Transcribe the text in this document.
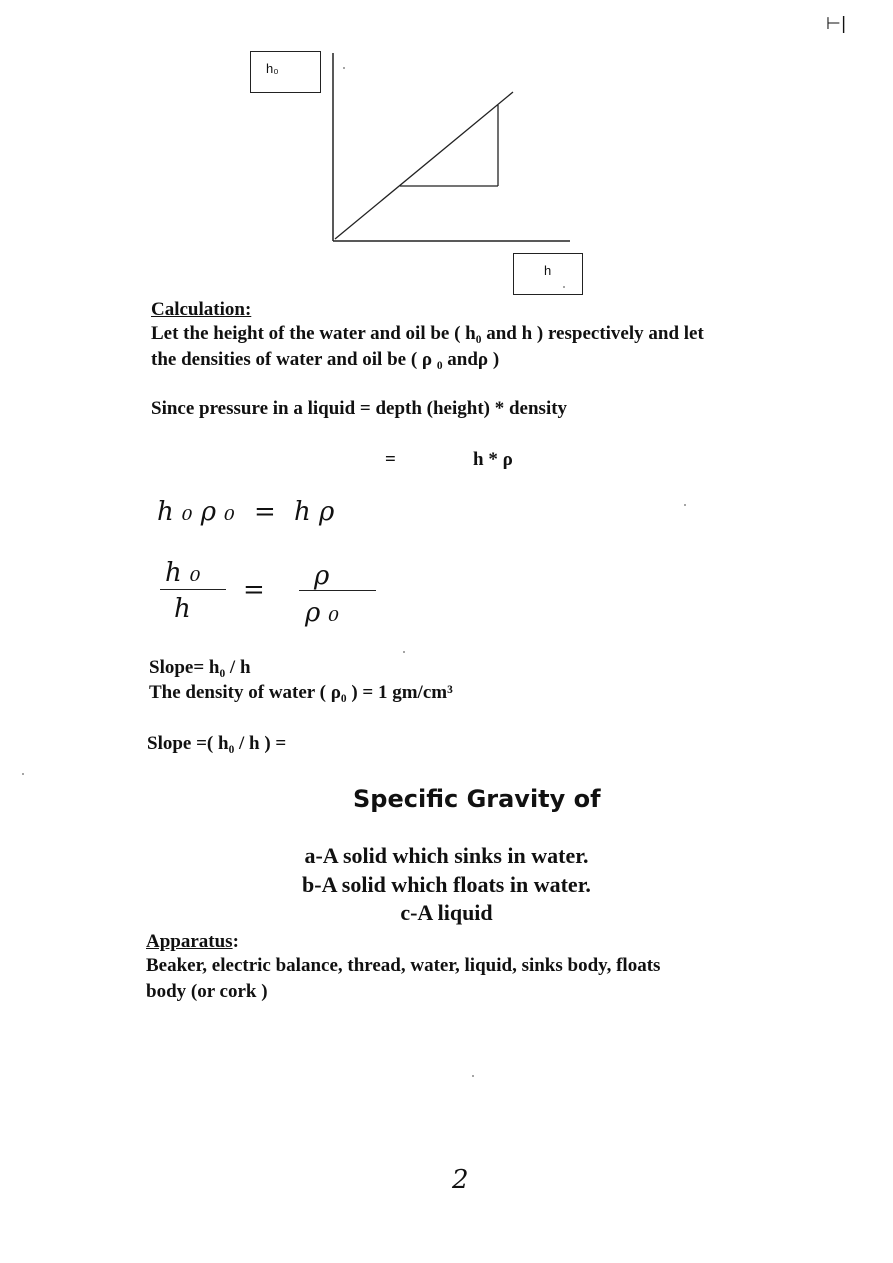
⊢|
h₀
h
Calculation:
Let the height of the water and oil be ( h₀ and h ) respectively and let
the densities of water and oil be ( ρ ₀ andρ )
Since pressure in a liquid = depth (height) * density
=	h * ρ
h ₀ ρ ₀ = h ρ
h ₀
h
= ρ
ρ ₀
Slope= h₀ / h
The density of water ( ρ₀ ) = 1 gm/cm³
Slope =( h₀ / h ) =
Specific Gravity of
a-A solid which sinks in water.
b-A solid which floats in water.
c-A liquid
Apparatus:
Beaker, electric balance, thread, water, liquid, sinks body, floats
body (or cork )
2
